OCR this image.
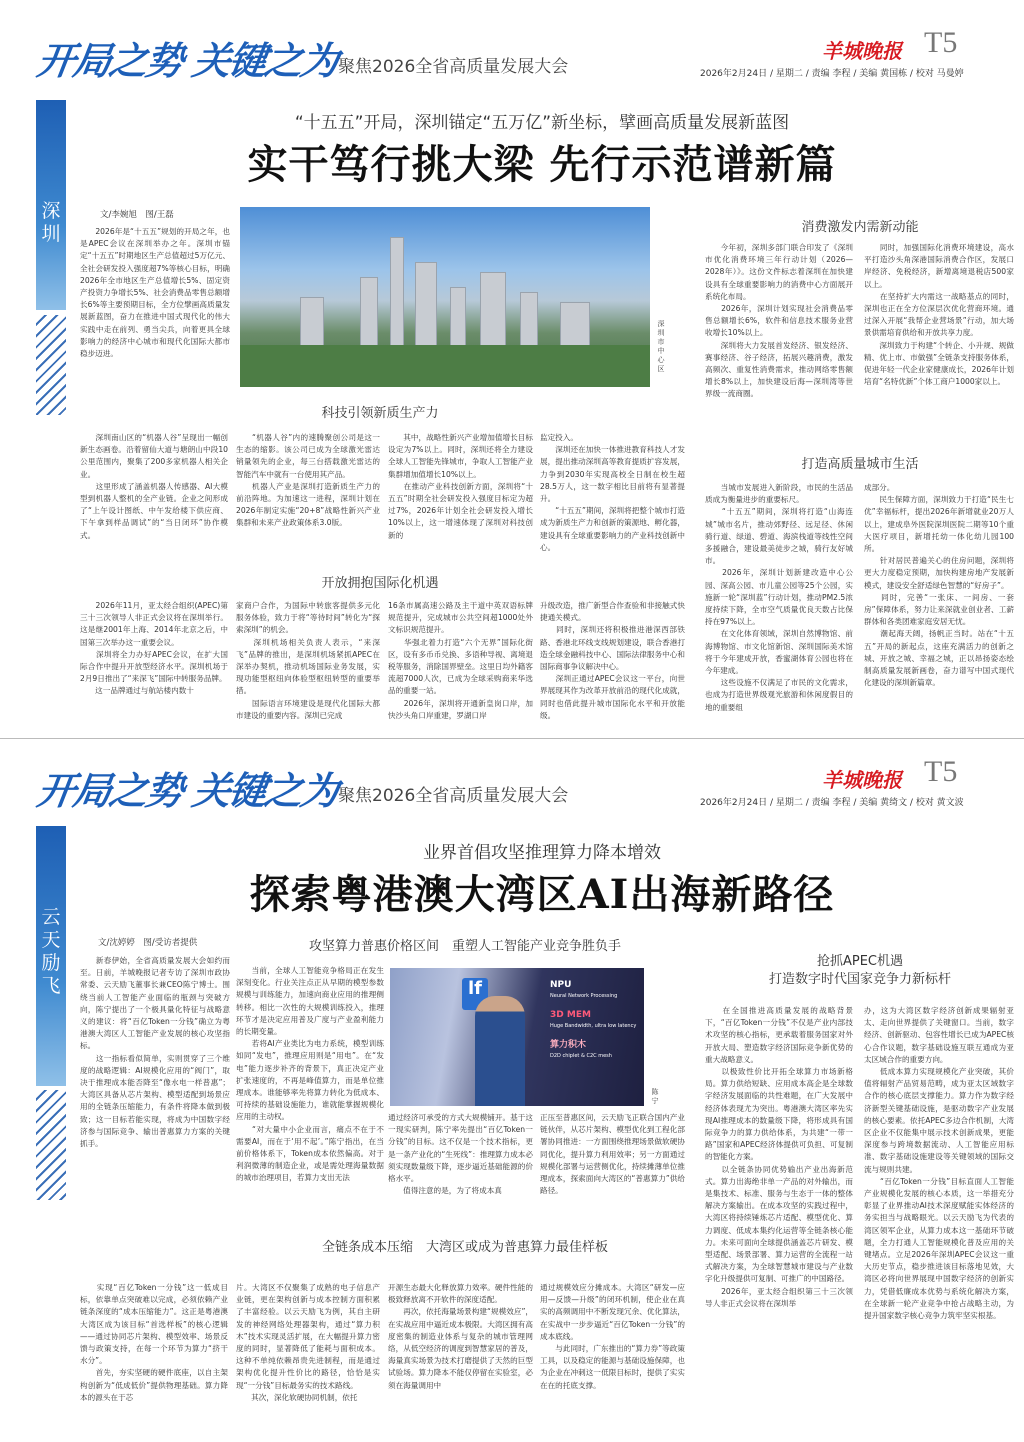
开局之势 关键之为
聚焦2026全省高质量发展大会
羊城晚报 T5
2026年2月24日 / 星期二 / 责编 李程 / 美编 黄国栋 / 校对 马曼婷
深圳
“十五五”开局，深圳锚定“五万亿”新坐标，擘画高质量发展新蓝图
实干笃行挑大梁 先行示范谱新篇
文/李婉旭　图/王磊
　　2026年是“十五五”规划的开局之年，也是APEC会议在深圳举办之年。深圳市锚定“十五五”时期地区生产总值超过5万亿元、全社会研发投入强度超7%等核心目标，明确2026年全市地区生产总值增长5%、固定资产投资力争增长5%、社会消费品零售总额增长6%等主要预期目标，全方位擘画高质量发展新蓝图，奋力在推进中国式现代化的伟大实践中走在前列、勇当尖兵，向着更具全球影响力的经济中心城市和现代化国际大都市稳步迈进。	深圳市中心区
科技引领新质生产力
　　深圳南山区的“机器人谷”呈现出一幅创新生态画卷。沿着留仙大道与塘朗山中段10公里范围内，聚集了200多家机器人相关企业。
　　这里形成了涵盖机器人传感器、AI大模型到机器人整机的全产业链。企业之间形成了“上午设计图纸、中午发给楼下供应商、下午拿到样品调试”的“当日闭环”协作模式。
　　“机器人谷”内的速腾聚创公司是这一生态的缩影。该公司已成为全球激光雷达销量领先的企业，每三台搭载激光雷达的智能汽车中就有一台使用其产品。
　　机器人产业是深圳打造新质生产力的前沿阵地。为加速这一进程，深圳计划在2026年制定实施“20+8”战略性新兴产业集群和未来产业政策体系3.0版。
　　其中，战略性新兴产业增加值增长目标设定为7%以上。同时，深圳还将全力建设全球人工智能先锋城市，争取人工智能产业集群增加值增长10%以上。
　　在推动产业科技创新方面，深圳将“十五五”时期全社会研发投入强度目标定为超过7%，2026年计划全社会研发投入增长10%以上，这一增速体现了深圳对科技创新的
监定投入。
　　深圳还在加快一体推进教育科技人才发展，提出推动深圳高等教育提质扩容发展，力争到2030年实现高校全日制在校生超28.5万人，这一数字相比目前将有显著提升。
　　“十五五”期间，深圳将把整个城市打造成为新质生产力和创新的策源地、孵化器，建设具有全球重要影响力的产业科技创新中心。
开放拥抱国际化机遇
　　2026年11月，亚太经合组织(APEC)第三十三次领导人非正式会议将在深圳举行。这是继2001年上海、2014年北京之后，中国第三次举办这一重要会议。
　　深圳将全力办好APEC会议，在扩大国际合作中提升开放型经济水平。深圳机场于2月9日推出了“来深飞”国际中转服务品牌。
　　这一品牌通过与航站楼内数十
家商户合作，为国际中转旅客提供多元化服务体验，致力于将“等待时间”转化为“探索深圳”的机会。
　　深圳机场相关负责人表示，“来深飞”品牌的推出，是深圳机场紧抓APEC在深举办契机，推动机场国际业务发展，实现功能型枢纽向体验型枢纽转型的重要举措。
　　国际语言环境建设是现代化国际大都市建设的重要内容。深圳已完成
16条市属高速公路及主干道中英双语标牌规范提升，完成城市公共空间超1000处外文标识规范提升。
　　华强北着力打造“六个无界”国际化街区，设有多币币兑换、多语种导视、离境退税等服务，消除国界壁垒。这里日均外籍客流超7000人次，已成为全球采购商来华选品的重要一站。
　　2026年，深圳将开通新皇岗口岸，加快沙头角口岸重建，罗湖口岸
升级改造，推广新型合作查验和非接触式快捷通关模式。
　　同时，深圳还将积极推进港深西部铁路、香港北环线支线规划建设，联合香港打造全球金融科技中心、国际法律服务中心和国际商事争议解决中心。
　　深圳正通过APEC会议这一平台，向世界展现其作为改革开放前沿的现代化成就，同时也借此提升城市国际化水平和开放能级。
消费激发内需新动能
　　今年初，深圳多部门联合印发了《深圳市优化消费环境三年行动计划（2026—2028年）》。这份文件标志着深圳在加快建设具有全球重要影响力的消费中心方面展开系统化布局。
　　2026年，深圳计划实现社会消费品零售总额增长6%，软件和信息技术服务业营收增长10%以上。
　　深圳将大力发展首发经济、银发经济、赛事经济、谷子经济，拓展兴趣消费，激发高频次、重复性消费需求，推动网络零售额增长8%以上，加快建设后海—深圳湾等世界级一流商圈。
　　同时，加强国际化消费环境建设，高水平打造沙头角深港国际消费合作区，发展口岸经济、免税经济，新增离境退税店500家以上。
　　在坚持扩大内需这一战略基点的同时，深圳也正在全方位深层次优化营商环境。通过深入开展“我帮企业营场景”行动，加大场景供需培育供给和开放共享力度。
　　深圳致力于构建“个转企、小升规、规做精、优上市、市做强”全链条支持服务体系，促进年轻一代企业家健康成长，2026年计划培育“名特优新”个体工商户1000家以上。
打造高质量城市生活
　　当城市发展进入新阶段，市民的生活品质成为衡量进步的重要标尺。
　　“十五五”期间，深圳将打造“山海连城”城市名片，推动郊野径、远足径、休闲骑行道、绿道、碧道、海滨栈道等线性空间多援融合，建设最美徒步之城，骑行友好城市。
　　2026年，深圳计划新建改造中心公园、深高公园、市儿童公园等25个公园，实施新一轮“深圳蓝”行动计划，推动PM2.5浓度持续下降，全市空气质量优良天数占比保持在97%以上。
　　在文化体育领域，深圳自然博物馆、前海博物馆、市文化馆新馆、深圳国际美术馆将于今年建成开放，香蜜湖体育公园也将在今年建成。
　　这些设施不仅满足了市民的文化需求，也成为打造世界级观光旅游和休闲度假目的地的重要组
成部分。
　　民生保障方面，深圳致力于打造“民生七优”幸福标杆，提出2026年新增就业20万人以上，建成阜外医院深圳医院二期等10个重大医疗项目，新增托幼一体化幼儿园100所。
　　针对居民普遍关心的住房问题，深圳将更大力度稳定预期，加快构建房地产发展新模式，建设安全舒适绿色智慧的“好房子”。
　　同时，完善“一张床、一间房、一套房”保障体系，努力让来深就业创业者、工薪群体和各类团难家庭安居无忧。
　　潮起海天阔，扬帆正当时。站在“十五五”开局的新起点，这座充满活力的创新之城、开放之城、幸福之城，正以昂扬姿态绘制高质量发展新画卷，奋力谱写中国式现代化建设的深圳新篇章。
开局之势 关键之为
聚焦2026全省高质量发展大会
羊城晚报 T5
2026年2月24日 / 星期二 / 责编 李程 / 美编 黄绮文 / 校对 黄文波
云天励飞
业界首倡攻坚推理算力降本增效
探索粤港澳大湾区AI出海新路径
文/沈婷婷　图/受访者提供
　　新春伊始，全省高质量发展大会如约而至。日前，羊城晚报记者专访了深圳市政协常委、云天励飞董事长兼CEO陈宁博士。围绕当前人工智能产业面临的瓶颈与突破方向，陈宁提出了一个极具量化特征与战略意义的建议：将“百亿Token一分钱”确立为粤港澳大湾区人工智能产业发展的核心攻坚指标。
　　这一指标看似简单，实则贯穿了三个维度的战略逻辑：AI规模化应用的“阀门”，取决于推理成本能否降至“像水电一样普惠”；大湾区具备从芯片架构、模型适配到场景应用的全链条压缩能力，有条件将降本做到极致；这一目标若能实现，将成为中国数字经济参与国际竞争、输出普惠算力方案的关键抓手。
攻坚算力普惠价格区间　重塑人工智能产业竞争胜负手
　　当前，全球人工智能竞争格局正在发生深刻变化。行业关注点正从早期的模型参数规模与训练能力，加速向商业应用的推理侧转移。相比一次性的大规模训练投入，推理环节才是决定应用普及广度与产业盈利能力的长期变量。
　　若将AI产业类比为电力系统，模型训练如同“发电”，推理应用则是“用电”。在“发电”能力逐步补齐的背景下，真正决定产业扩张速度的，不再是峰值算力，而是单位推理成本。谁能够率先将算力转化为低成本、可持续的基础设施能力，谁就能掌握规模化应用的主动权。
　　“对大量中小企业而言，痛点不在于不需要AI，而在于‘用不起’。”陈宁指出，在当前价格体系下，Token成本依然偏高。对于利润微薄的制造企业，或是需处理海量数据的城市治理项目，若算力支出无法
lf	NPU
Neural Network Processing
3D MEM
Huge Bandwidth, ultra low latency
算力积木
D2D chiplet & C2C mesh
陈宁
通过经济可承受的方式大规模铺开。基于这一现实研判，陈宁率先提出“百亿Token一分钱”的目标。这不仅是一个技术指标，更是一条产业化的“生死线”：推理算力成本必须实现数量级下降，逐步逼近基础能源的价格水平。
　　值得注意的是，为了将成本真
正压至普惠区间，云天励飞正联合国内产业链伙伴，从芯片架构、模型优化到工程化部署协同推进：一方面围绕推理场景做软硬协同优化，提升算力利用效率；另一方面通过规模化部署与运营侧优化，持续摊薄单位推理成本，探索面向大湾区的“普惠算力”供给路径。
全链条成本压缩　大湾区或成为普惠算力最佳样板
　　实现“百亿Token一分钱”这一低成目标，依靠单点突破难以完成，必须依赖产业链条深度的“成本压缩能力”。这正是粤港澳大湾区成为该目标“首选样板”的核心逻辑——通过协同芯片架构、模型效率、场景反馈与政策支持，在每一个环节为算力“挤干水分”。
　　首先，夯实坚硬的硬件底座，以自主架构创新为“低成低价”提供物理基础。算力降本的源头在于芯
片。大湾区不仅聚集了成熟的电子信息产业链，更在架构创新与成本控制方面积累了丰富经验。以云天励飞为例，其自主研发的神经网络处理器架构，通过“算力积木”技术实现灵活扩展，在大幅提升算力密度的同时，显著降低了能耗与面积成本。这种不单纯依赖昂贵先进制程，而是通过架构优化提升性价比的路径，恰恰是实现“一分钱”目标最务实的技术路线。
　　其次，深化软硬协同机制，依托
开源生态最大化释放算力效率。硬件性能的极致释放离不开软件的深度适配。
　　再次，依托海量场景构建“规模效应”，在实战应用中逼近成本极限。大湾区拥有高度密集的制造业体系与复杂的城市管理网络，从低空经济的调度到智慧家居的普及，海量真实场景为技术打磨提供了天然的巨型试验场。算力降本不能仅停留在实验室，必须在海量调用中
通过规模效应分摊成本。大湾区“研发—应用—反馈—升级”的闭环机制，使企业在真实的高频调用中不断发现冗余、优化算法，在实战中一步步逼近“百亿Token一分钱”的成本底线。
　　与此同时，广东推出的“算力券”等政策工具，以及稳定的能源与基础设施保障，也为企业在冲刺这一低限目标时，提供了实实在在的托底支撑。
抢抓APEC机遇
打造数字时代国家竞争力新标杆
　　在全国推进高质量发展的战略背景下，“百亿Token一分钱”不仅是产业内部技术攻坚的核心指标，更承载着服务国家对外开放大局、塑造数字经济国际竞争新优势的重大战略意义。
　　以极致性价比开拓全球算力市场新格局。算力供给短缺、应用成本高企是全球数字经济发展面临的共性难题，在广大发展中经济体表现尤为突出。粤港澳大湾区率先实现AI推理成本的数量级下降，将形成具有国际竞争力的算力供给体系，为共建“一带一路”国家和APEC经济体提供可负担、可复制的智能化方案。
　　以全链条协同优势输出产业出海新范式。算力出海绝非单一产品的对外输出，而是集技术、标准、服务与生态于一体的整体解决方案输出。在成本攻坚的实践过程中，大湾区将持续锤炼芯片适配、模型优化、算力调度、低成本集约化运营等全链条核心能力。未来可面向全球提供涵盖芯片研发、模型适配、场景部署、算力运营的全流程一站式解决方案，为全球智慧城市建设与产业数字化升级提供可复制、可推广的中国路径。
　　2026年，亚太经合组织第三十三次领导人非正式会议将在深圳举
办，这为大湾区数字经济创新成果辐射亚太、走向世界提供了关键窗口。当前，数字经济、创新驱动、包容性增长已成为APEC核心合作议题，数字基础设施互联互通成为亚太区域合作的重要方向。
　　低成本算力实现规模化产业突破，其价值将辐射产品贸易范畴，成为亚太区域数字合作的核心底层支撑能力。算力作为数字经济新型关键基础设施，是驱动数字产业发展的核心要素。依托APEC多边合作机制，大湾区企业不仅能集中展示技术创新成果，更能深度参与跨境数据流动、人工智能应用标准、数字基础设施建设等关键领域的国际交流与规则共建。
　　“百亿Token一分钱”目标直面人工智能产业规模化发展的核心本质，这一举措充分彰显了业界推动AI技术深度赋能实体经济的务实担当与战略眼光。以云天励飞为代表的湾区领军企业，从算力成本这一基础环节破题，全力打通人工智能规模化普及应用的关键堵点。立足2026年深圳APEC会议这一重大历史节点，稳步推进该目标落地见效，大湾区必将向世界展现中国数字经济的创新实力，凭借低廉成本优势与系统化解决方案，在全球新一轮产业竞争中抢占战略主动，为提升国家数字核心竞争力筑牢坚实根基。
